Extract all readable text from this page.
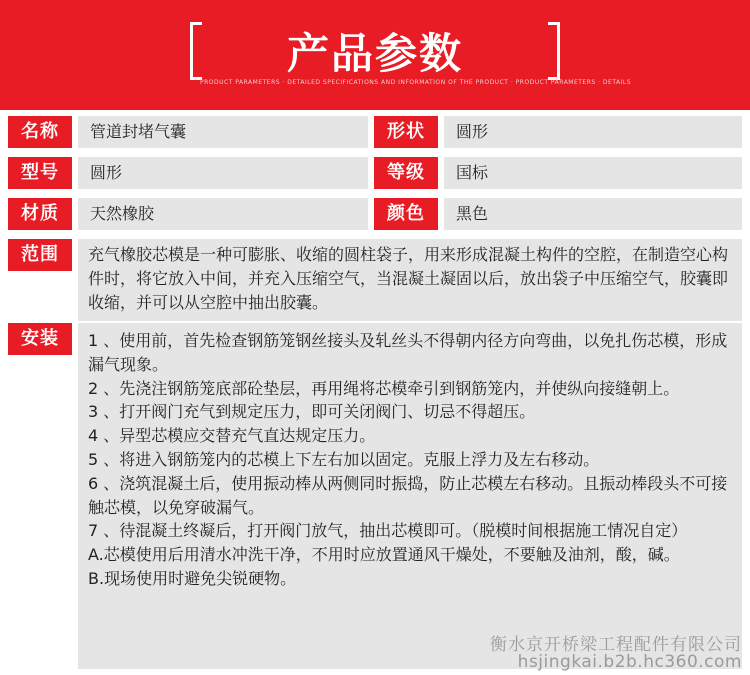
产品参数
PRODUCT PARAMETERS · DETAILED SPECIFICATIONS AND INFORMATION OF THE PRODUCT · PRODUCT PARAMETERS · DETAILS
名称	管道封堵气囊	形状	圆形
型号	圆形	等级	国标
材质	天然橡胶	颜色	黑色
范围	充气橡胶芯模是一种可膨胀、收缩的圆柱袋子，用来形成混凝土构件的空腔，在制造空心构件时，将它放入中间，并充入压缩空气，当混凝土凝固以后，放出袋子中压缩空气，胶囊即收缩，并可以从空腔中抽出胶囊。

安装	1 、使用前，首先检查钢筋笼钢丝接头及轧丝头不得朝内径方向弯曲，以免扎伤芯模，形成漏气现象。

2 、先浇注钢筋笼底部砼垫层，再用绳将芯模牵引到钢筋笼内，并使纵向接缝朝上。

3 、打开阀门充气到规定压力，即可关闭阀门、切忌不得超压。

4 、异型芯模应交替充气直达规定压力。

5 、将进入钢筋笼内的芯模上下左右加以固定。克服上浮力及左右移动。

6 、浇筑混凝土后，使用振动棒从两侧同时振捣，防止芯模左右移动。且振动棒段头不可接触芯模，以免穿破漏气。

7 、待混凝土终凝后，打开阀门放气，抽出芯模即可。（脱模时间根据施工情况自定）

A.芯模使用后用清水冲洗干净，不用时应放置通风干燥处，不要触及油剂，酸，碱。

B.现场使用时避免尖锐硬物。

衡水京开桥梁工程配件有限公司
hsjingkai.b2b.hc360.com
